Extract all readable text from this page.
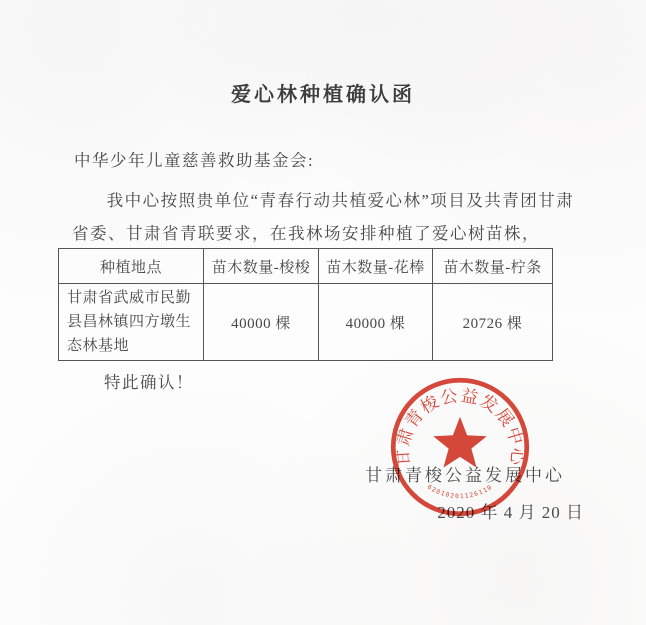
爱心林种植确认函
中华少年儿童慈善救助基金会:
我中心按照贵单位“青春行动共植爱心林”项目及共青团甘肃
省委、甘肃省青联要求，在我林场安排种植了爱心树苗株，
种植地点	苗木数量-梭梭	苗木数量-花棒	苗木数量-柠条
甘肃省武威市民勤县昌林镇四方墩生态林基地	40000 棵	40000 棵	20726 棵
特此确认！
甘肃青梭公益发展中心
2020 年 4 月 20 日
甘肃青梭公益发展中心
62010201126110
